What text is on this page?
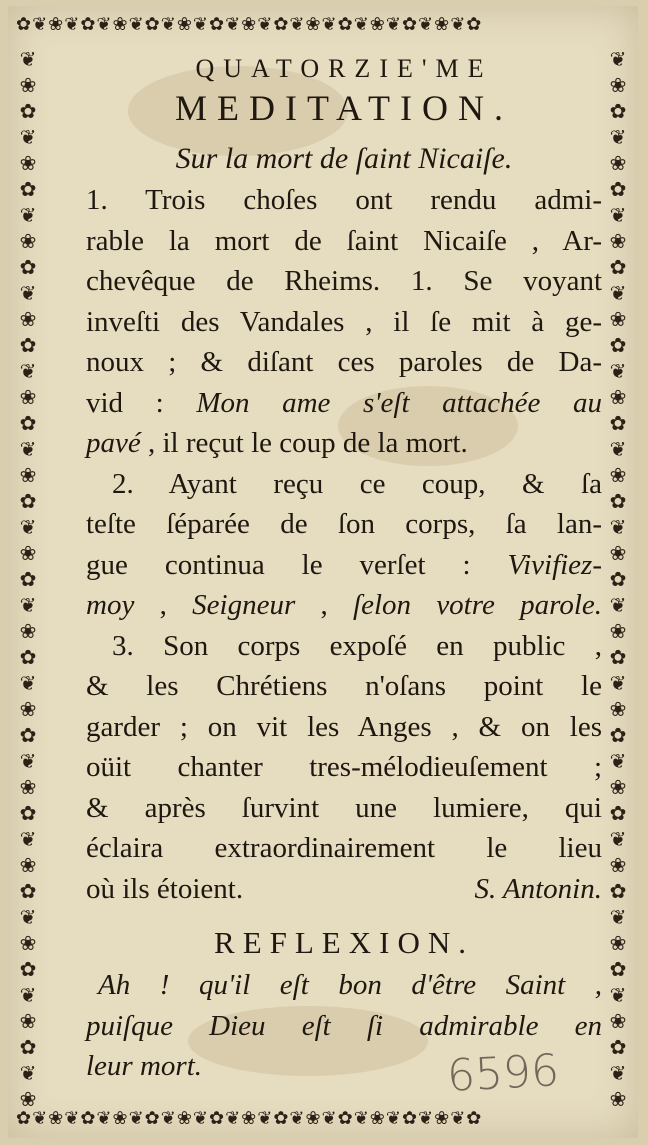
✿❦❀❦✿❦❀❦✿❦❀❦✿❦❀❦✿❦❀❦✿❦❀❦✿❦❀❦✿
✿❦❀❦✿❦❀❦✿❦❀❦✿❦❀❦✿❦❀❦✿❦❀❦✿❦❀❦✿
❦❀✿❦❀✿❦❀✿❦❀✿❦❀✿❦❀✿❦❀✿❦❀✿❦❀✿❦❀✿❦❀✿❦❀✿❦❀✿❦❀
❦❀✿❦❀✿❦❀✿❦❀✿❦❀✿❦❀✿❦❀✿❦❀✿❦❀✿❦❀✿❦❀✿❦❀✿❦❀✿❦❀
QUATORZIE'ME
MEDITATION.
Sur la mort de ſaint Nicaiſe.
1. Trois choſes ont rendu admi-
rable la mort de ſaint Nicaiſe , Ar-
chevêque de Rheims. 1. Se voyant
inveſti des Vandales , il ſe mit à ge-
noux ; & diſant ces paroles de Da-
vid : Mon ame s'eſt attachée au
pavé , il reçut le coup de la mort.
2. Ayant reçu ce coup, & ſa
teſte ſéparée de ſon corps, ſa lan-
gue continua le verſet : Vivifiez-
moy , Seigneur , ſelon votre parole.
3. Son corps expoſé en public ,
& les Chrétiens n'oſans point le
garder ; on vit les Anges , & on les
oüit chanter tres-mélodieuſement ;
& après ſurvint une lumiere, qui
éclaira extraordinairement le lieu
où ils étoient.	S. Antonin.
REFLEXION.
Ah ! qu'il eſt bon d'être Saint ,
puiſque Dieu eſt ſi admirable en
leur mort.	6596
